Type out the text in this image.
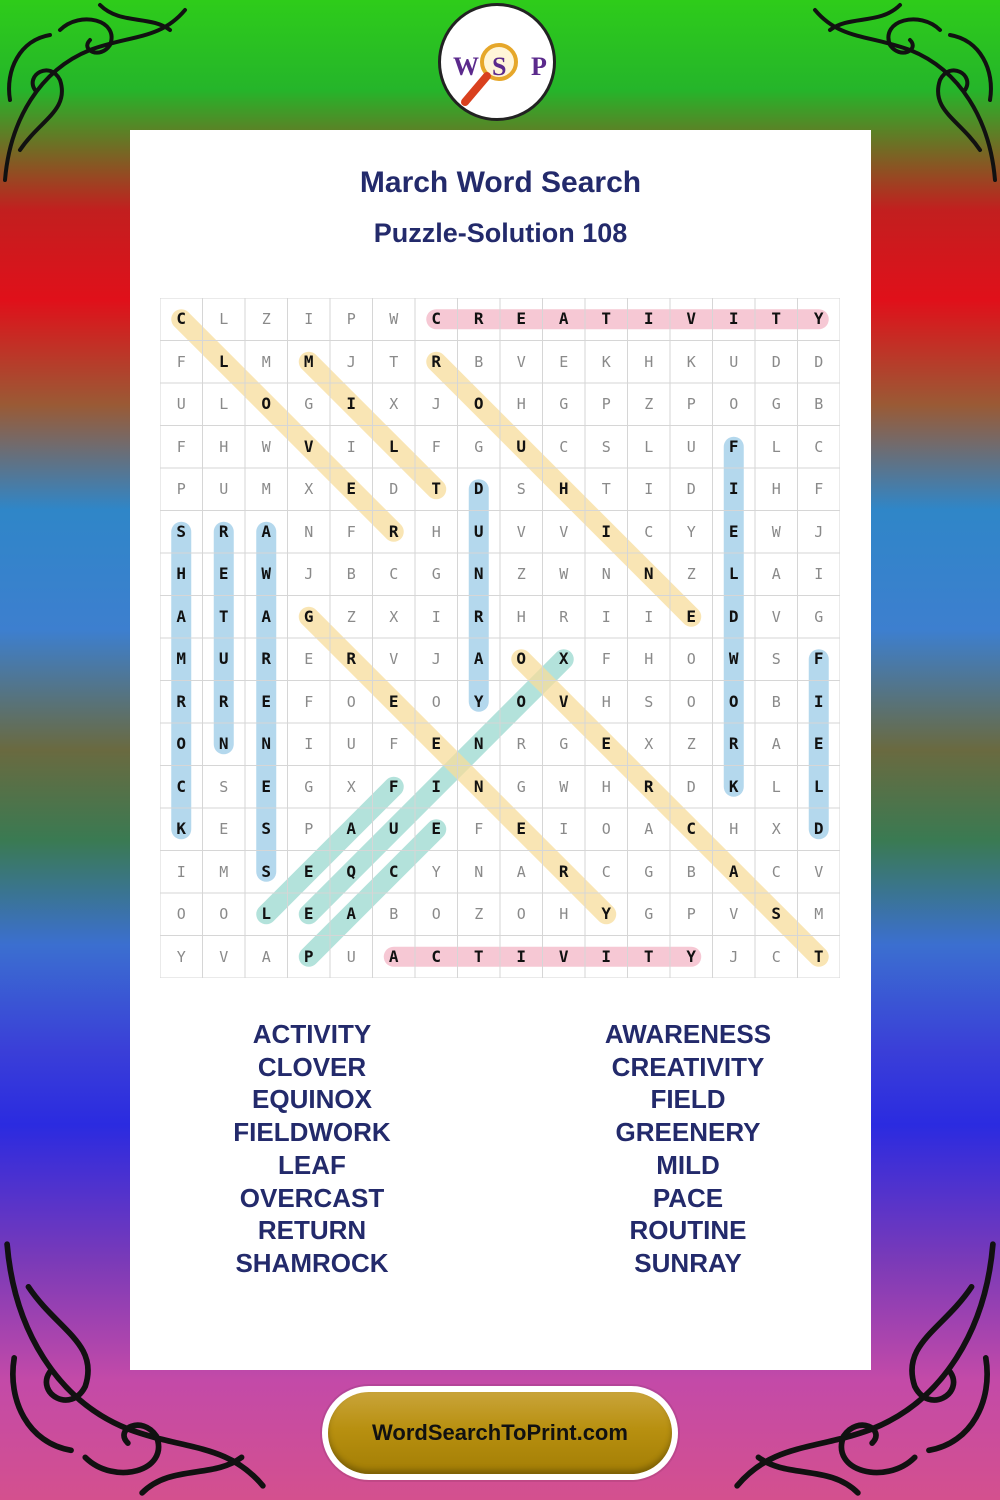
W S P
March Word Search
Puzzle-Solution 108
C	L	Z	I	P	W	C	R	E	A	T	I	V	I	T	Y
F	L	M	M	J	T	R	B	V	E	K	H	K	U	D	D
U	L	O	G	I	X	J	O	H	G	P	Z	P	O	G	B
F	H	W	V	I	L	F	G	U	C	S	L	U	F	L	C
P	U	M	X	E	D	T	D	S	H	T	I	D	I	H	F
S	R	A	N	F	R	H	U	V	V	I	C	Y	E	W	J
H	E	W	J	B	C	G	N	Z	W	N	N	Z	L	A	I
A	T	A	G	Z	X	I	R	H	R	I	I	E	D	V	G
M	U	R	E	R	V	J	A	O	X	F	H	O	W	S	F
R	R	E	F	O	E	O	Y	O	V	H	S	O	O	B	I
O	N	N	I	U	F	E	N	R	G	E	X	Z	R	A	E
C	S	E	G	X	F	I	N	G	W	H	R	D	K	L	L
K	E	S	P	A	U	E	F	E	I	O	A	C	H	X	D
I	M	S	E	Q	C	Y	N	A	R	C	G	B	A	C	V
O	O	L	E	A	B	O	Z	O	H	Y	G	P	V	S	M
Y	V	A	P	U	A	C	T	I	V	I	T	Y	J	C	T
ACTIVITY
CLOVER
EQUINOX
FIELDWORK
LEAF
OVERCAST
RETURN
SHAMROCK
AWARENESS
CREATIVITY
FIELD
GREENERY
MILD
PACE
ROUTINE
SUNRAY
WordSearchToPrint.com
